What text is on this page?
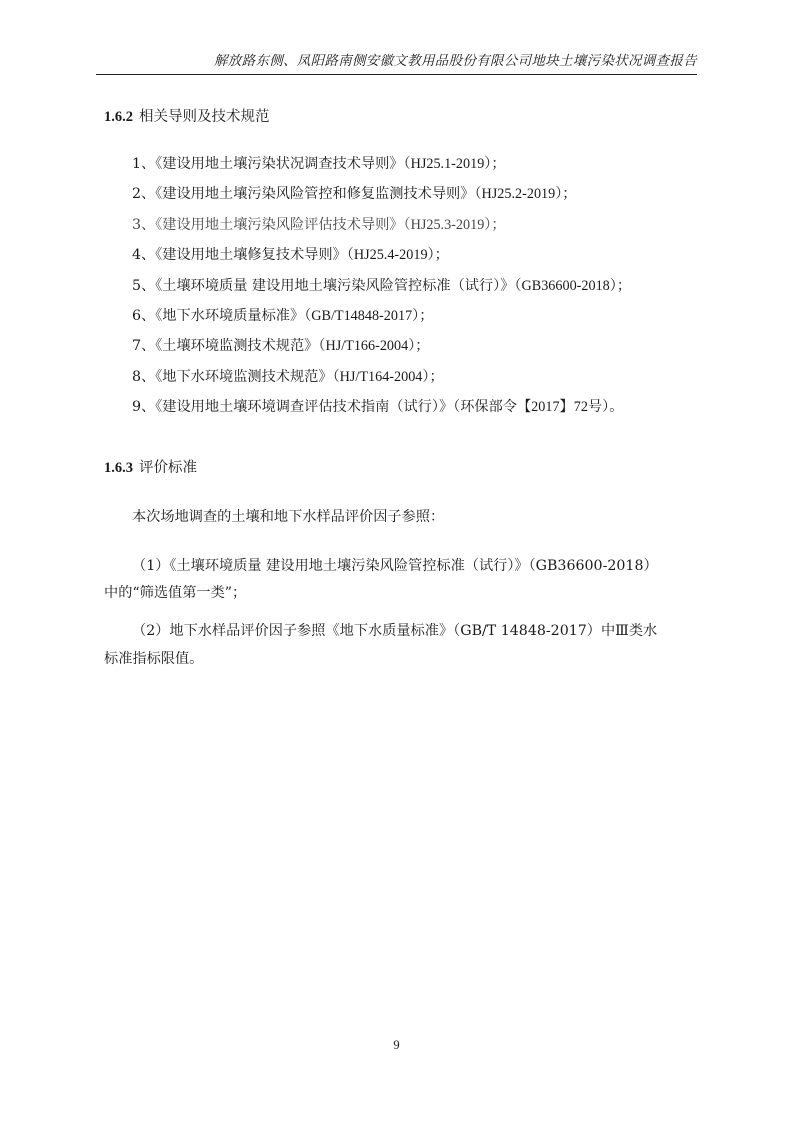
解放路东侧、凤阳路南侧安徽文教用品股份有限公司地块土壤污染状况调查报告
1.6.2 相关导则及技术规范
1、《建设用地土壤污染状况调查技术导则》（HJ25.1-2019）；
2、《建设用地土壤污染风险管控和修复监测技术导则》（HJ25.2-2019）；
3、《建设用地土壤污染风险评估技术导则》（HJ25.3-2019）；
4、《建设用地土壤修复技术导则》（HJ25.4-2019）；
5、《土壤环境质量 建设用地土壤污染风险管控标准（试行）》（GB36600-2018）；
6、《地下水环境质量标准》（GB/T14848-2017）；
7、《土壤环境监测技术规范》（HJ/T166-2004）；
8、《地下水环境监测技术规范》（HJ/T164-2004）；
9、《建设用地土壤环境调查评估技术指南（试行）》（环保部令【2017】72号）。
1.6.3 评价标准
本次场地调查的土壤和地下水样品评价因子参照：
（1）《土壤环境质量 建设用地土壤污染风险管控标准（试行）》（GB36600-2018）
中的“筛选值第一类”；
（2）地下水样品评价因子参照《地下水质量标准》（GB/T 14848-2017）中Ⅲ类水
标准指标限值。
9
